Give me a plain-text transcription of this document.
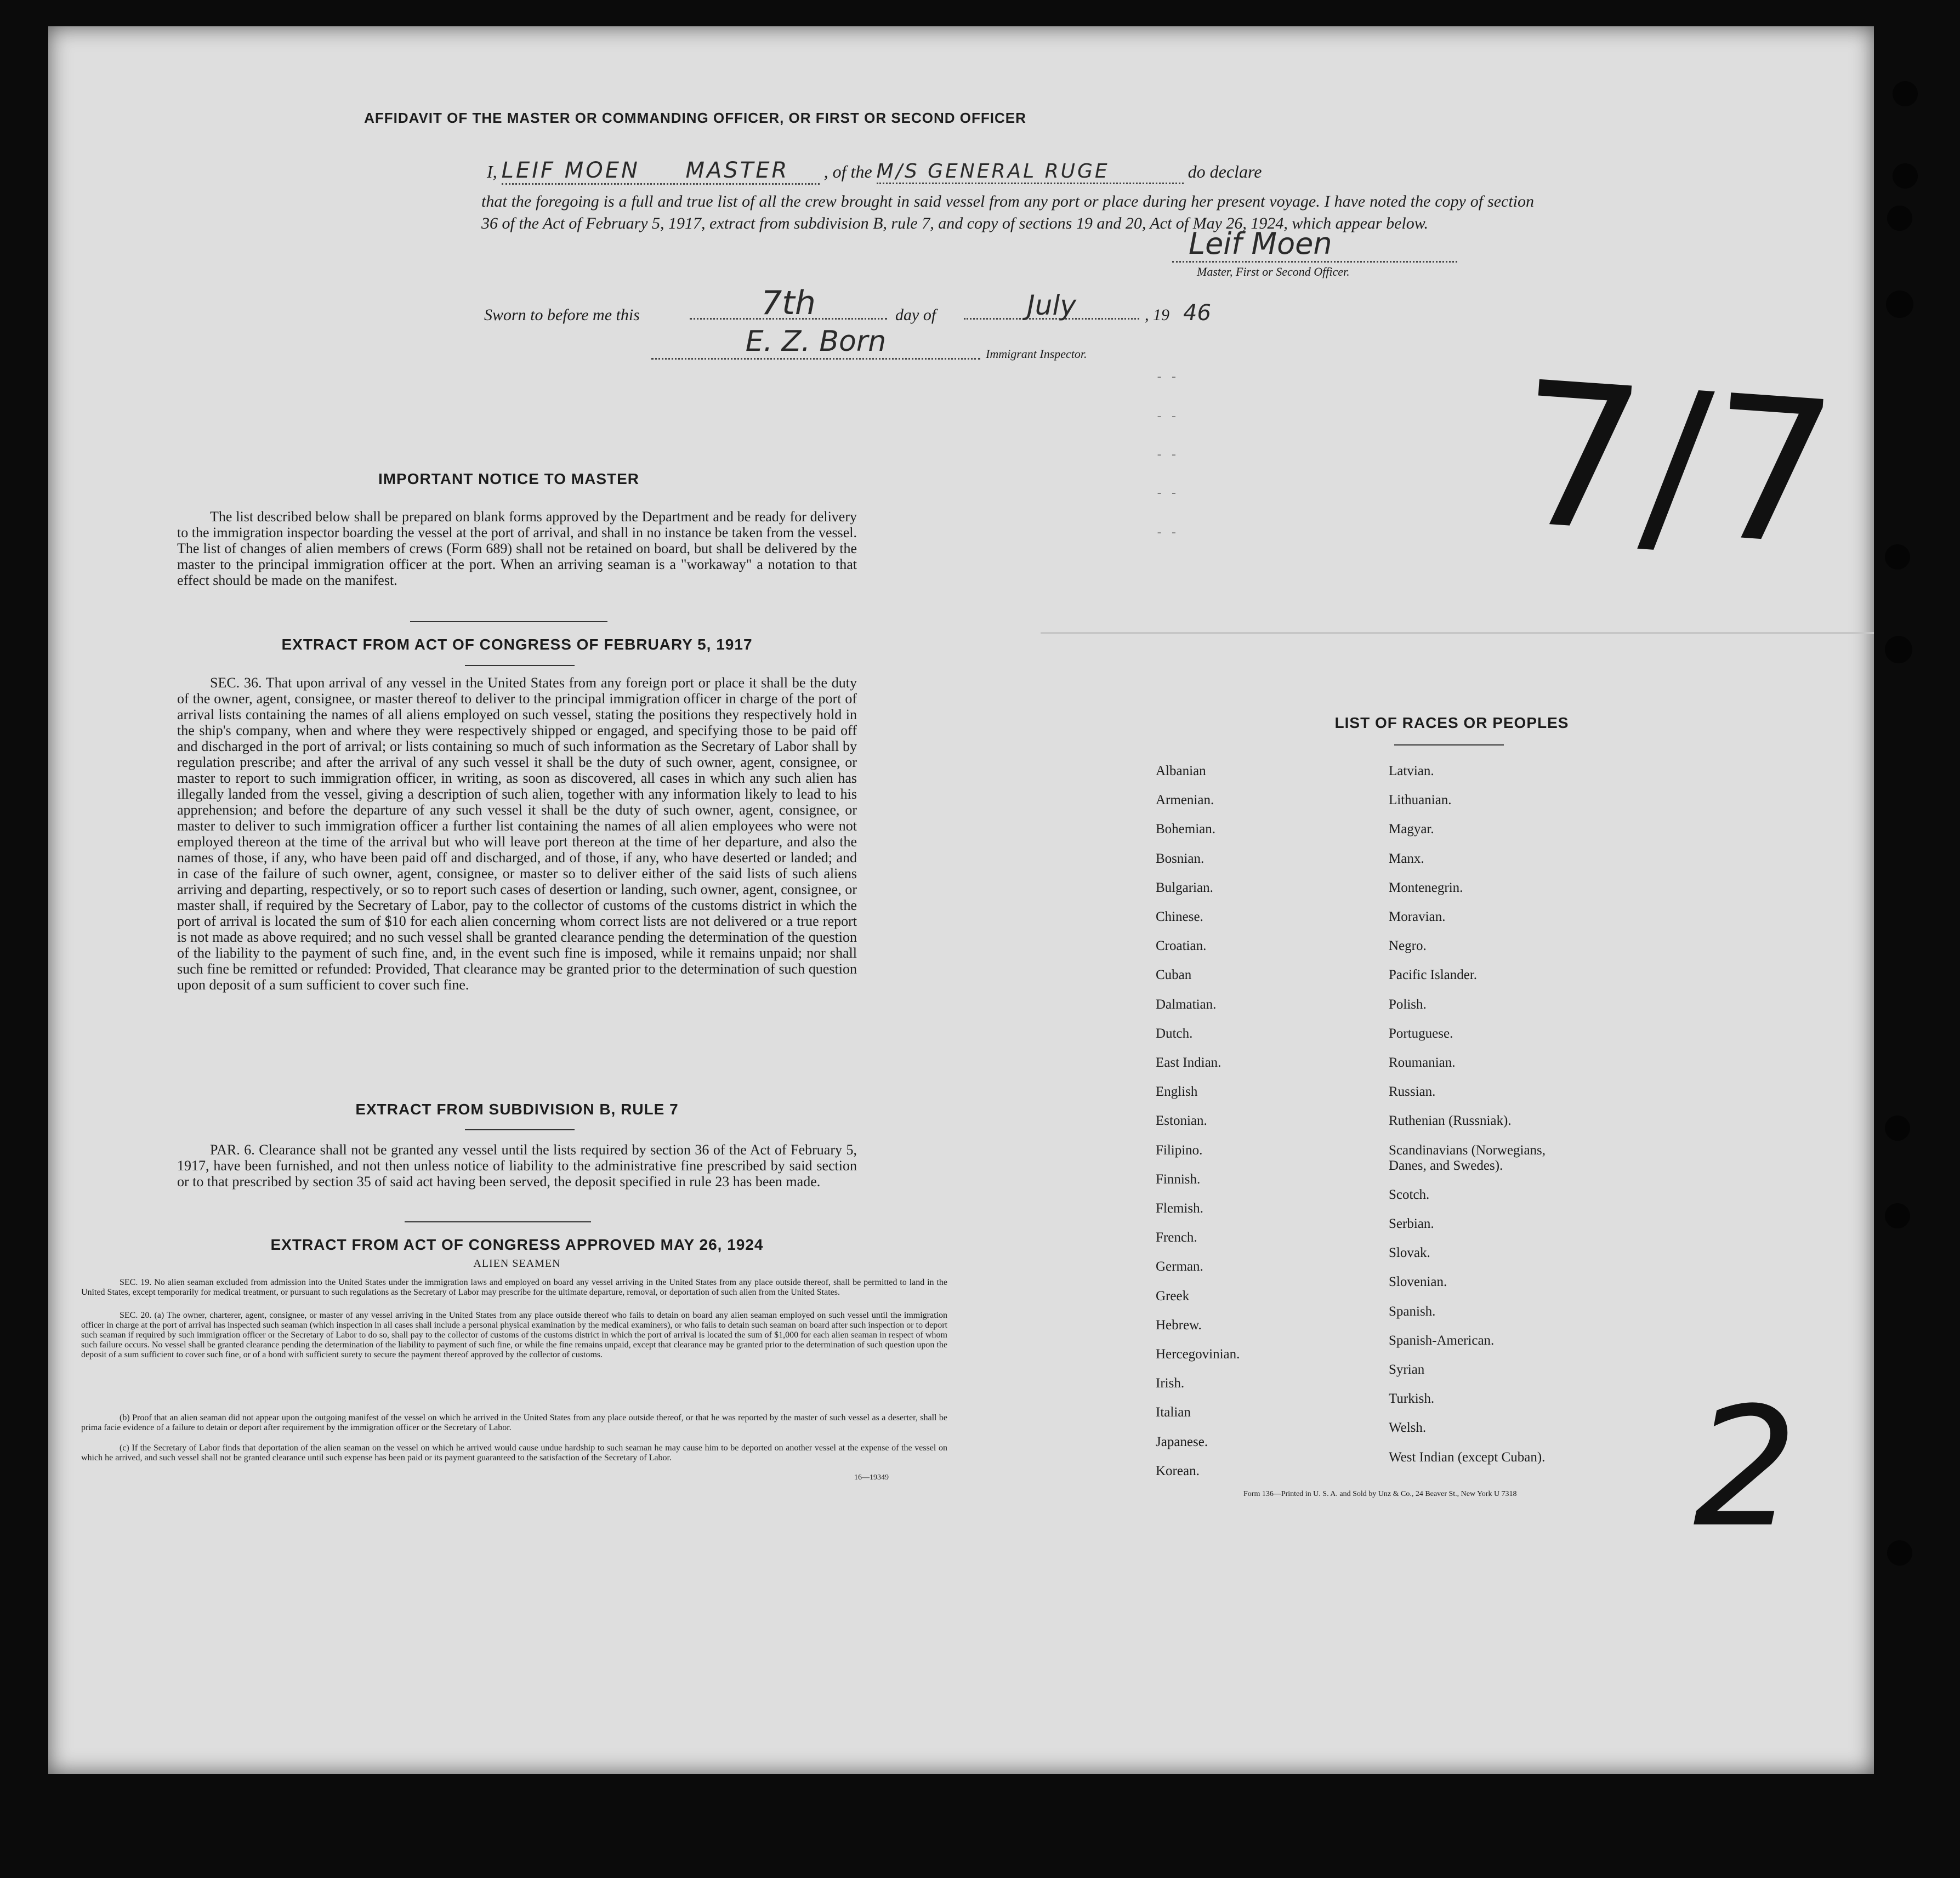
AFFIDAVIT OF THE MASTER OR COMMANDING OFFICER, OR FIRST OR SECOND OFFICER
I, LEIF MOEN MASTER , of the M/S GENERAL RUGE	do declare
that the foregoing is a full and true list of all the crew brought in said vessel from any port or place during her present voyage. I have noted the copy of section 36 of the Act of February 5, 1917, extract from subdivision B, rule 7, and copy of sections 19 and 20, Act of May 26, 1924, which appear below.
Leif Moen
Master, First or Second Officer.
Sworn to before me this	7th	day of	July	, 19 46
E. Z. Born	Immigrant Inspector.
- -
- -
- -
- -
- - 7/7
IMPORTANT NOTICE TO MASTER
The list described below shall be prepared on blank forms approved by the Department and be ready for delivery to the immigration inspector boarding the vessel at the port of arrival, and shall in no instance be taken from the vessel. The list of changes of alien members of crews (Form 689) shall not be retained on board, but shall be delivered by the master to the principal immigration officer at the port. When an arriving seaman is a "workaway" a notation to that effect should be made on the manifest.
EXTRACT FROM ACT OF CONGRESS OF FEBRUARY 5, 1917
SEC. 36. That upon arrival of any vessel in the United States from any foreign port or place it shall be the duty of the owner, agent, consignee, or master thereof to deliver to the principal immigration officer in charge of the port of arrival lists containing the names of all aliens employed on such vessel, stating the positions they respectively hold in the ship's company, when and where they were respectively shipped or engaged, and specifying those to be paid off and discharged in the port of arrival; or lists containing so much of such information as the Secretary of Labor shall by regulation prescribe; and after the arrival of any such vessel it shall be the duty of such owner, agent, consignee, or master to report to such immigration officer, in writing, as soon as discovered, all cases in which any such alien has illegally landed from the vessel, giving a description of such alien, together with any information likely to lead to his apprehension; and before the departure of any such vessel it shall be the duty of such owner, agent, consignee, or master to deliver to such immigration officer a further list containing the names of all alien employees who were not employed thereon at the time of the arrival but who will leave port thereon at the time of her departure, and also the names of those, if any, who have been paid off and discharged, and of those, if any, who have deserted or landed; and in case of the failure of such owner, agent, consignee, or master so to deliver either of the said lists of such aliens arriving and departing, respectively, or so to report such cases of desertion or landing, such owner, agent, consignee, or master shall, if required by the Secretary of Labor, pay to the collector of customs of the customs district in which the port of arrival is located the sum of $10 for each alien concerning whom correct lists are not delivered or a true report is not made as above required; and no such vessel shall be granted clearance pending the determination of the question of the liability to the payment of such fine, and, in the event such fine is imposed, while it remains unpaid; nor shall such fine be remitted or refunded: Provided, That clearance may be granted prior to the determination of such question upon deposit of a sum sufficient to cover such fine.
EXTRACT FROM SUBDIVISION B, RULE 7
PAR. 6. Clearance shall not be granted any vessel until the lists required by section 36 of the Act of February 5, 1917, have been furnished, and not then unless notice of liability to the administrative fine prescribed by said section or to that prescribed by section 35 of said act having been served, the deposit specified in rule 23 has been made.
EXTRACT FROM ACT OF CONGRESS APPROVED MAY 26, 1924
ALIEN SEAMEN
SEC. 19. No alien seaman excluded from admission into the United States under the immigration laws and employed on board any vessel arriving in the United States from any place outside thereof, shall be permitted to land in the United States, except temporarily for medical treatment, or pursuant to such regulations as the Secretary of Labor may prescribe for the ultimate departure, removal, or deportation of such alien from the United States.
SEC. 20. (a) The owner, charterer, agent, consignee, or master of any vessel arriving in the United States from any place outside thereof who fails to detain on board any alien seaman employed on such vessel until the immigration officer in charge at the port of arrival has inspected such seaman (which inspection in all cases shall include a personal physical examination by the medical examiners), or who fails to detain such seaman on board after such inspection or to deport such seaman if required by such immigration officer or the Secretary of Labor to do so, shall pay to the collector of customs of the customs district in which the port of arrival is located the sum of $1,000 for each alien seaman in respect of whom such failure occurs. No vessel shall be granted clearance pending the determination of the liability to payment of such fine, or while the fine remains unpaid, except that clearance may be granted prior to the determination of such question upon the deposit of a sum sufficient to cover such fine, or of a bond with sufficient surety to secure the payment thereof approved by the collector of customs.
(b) Proof that an alien seaman did not appear upon the outgoing manifest of the vessel on which he arrived in the United States from any place outside thereof, or that he was reported by the master of such vessel as a deserter, shall be prima facie evidence of a failure to detain or deport after requirement by the immigration officer or the Secretary of Labor.
(c) If the Secretary of Labor finds that deportation of the alien seaman on the vessel on which he arrived would cause undue hardship to such seaman he may cause him to be deported on another vessel at the expense of the vessel on which he arrived, and such vessel shall not be granted clearance until such expense has been paid or its payment guaranteed to the satisfaction of the Secretary of Labor.
16—19349
LIST OF RACES OR PEOPLES
Form 136—Printed in U. S. A. and Sold by Unz & Co., 24 Beaver St., New York U 7318 2
Albanian
Armenian.
Bohemian.
Bosnian.
Bulgarian.
Chinese.
Croatian.
Cuban
Dalmatian.
Dutch.
East Indian.
English
Estonian.
Filipino.
Finnish.
Flemish.
French.
German.
Greek
Hebrew.
Hercegovinian.
Irish.
Italian
Japanese.
Korean.
Latvian.
Lithuanian.
Magyar.
Manx.
Montenegrin.
Moravian.
Negro.
Pacific Islander.
Polish.
Portuguese.
Roumanian.
Russian.
Ruthenian (Russniak).
Scandinavians (Norwegians,
Danes, and Swedes).
Scotch.
Serbian.
Slovak.
Slovenian.
Spanish.
Spanish-American.
Syrian
Turkish.
Welsh.
West Indian (except Cuban).
